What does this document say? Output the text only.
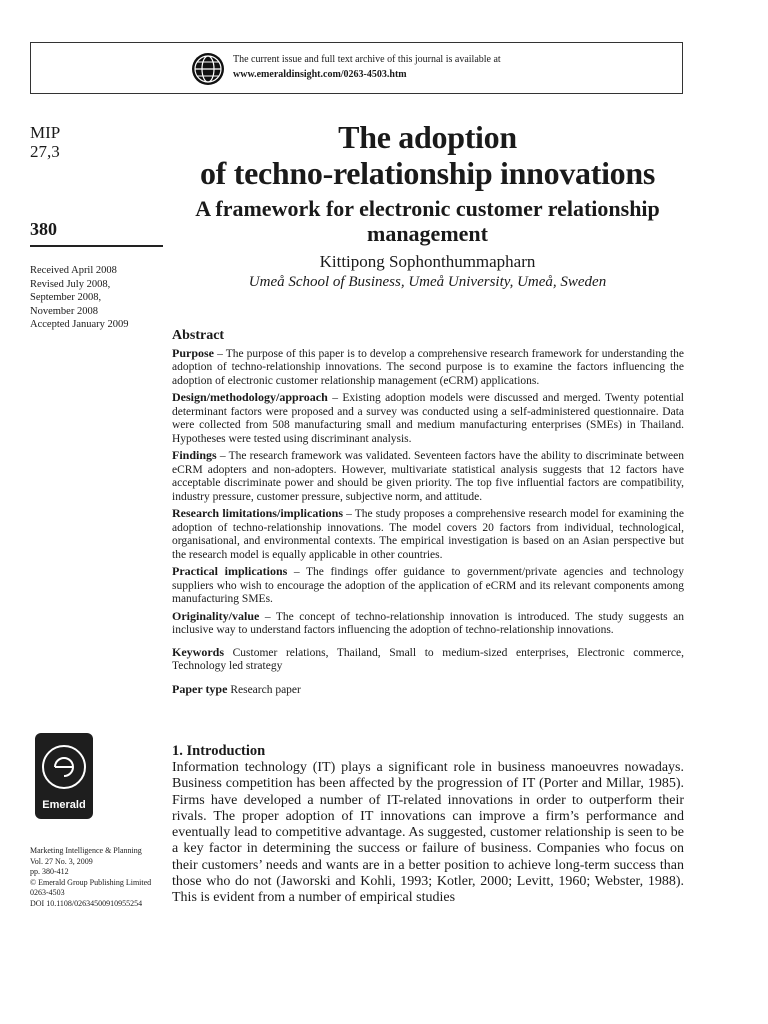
The current issue and full text archive of this journal is available at
www.emeraldinsight.com/0263-4503.htm
MIP
27,3
380
Received April 2008
Revised July 2008,
September 2008,
November 2008
Accepted January 2009
The adoption
of techno-relationship innovations
A framework for electronic customer relationship management
Kittipong Sophonthummapharn
Umeå School of Business, Umeå University, Umeå, Sweden
Abstract

Purpose – The purpose of this paper is to develop a comprehensive research framework for understanding the adoption of techno-relationship innovations. The second purpose is to examine the factors influencing the adoption of electronic customer relationship management (eCRM) applications.

Design/methodology/approach – Existing adoption models were discussed and merged. Twenty potential determinant factors were proposed and a survey was conducted using a self-administered questionnaire. Data were collected from 508 manufacturing small and medium manufacturing enterprises (SMEs) in Thailand. Hypotheses were tested using discriminant analysis.

Findings – The research framework was validated. Seventeen factors have the ability to discriminate between eCRM adopters and non-adopters. However, multivariate statistical analysis suggests that 12 factors have acceptable discriminate power and should be given priority. The top five influential factors are compatibility, industry pressure, customer pressure, subjective norm, and attitude.

Research limitations/implications – The study proposes a comprehensive research model for examining the adoption of techno-relationship innovations. The model covers 20 factors from individual, technological, organisational, and environmental contexts. The empirical investigation is based on an Asian perspective but the research model is equally applicable in other countries.

Practical implications – The findings offer guidance to government/private agencies and technology suppliers who wish to encourage the adoption of the application of eCRM and its relevant components among manufacturing SMEs.

Originality/value – The concept of techno-relationship innovation is introduced. The study suggests an inclusive way to understand factors influencing the adoption of techno-relationship innovations.

Keywords Customer relations, Thailand, Small to medium-sized enterprises, Electronic commerce, Technology led strategy

Paper type Research paper

Emerald
Marketing Intelligence & Planning
Vol. 27 No. 3, 2009
pp. 380-412
© Emerald Group Publishing Limited
0263-4503
DOI 10.1108/02634500910955254
1. Introduction
Information technology (IT) plays a significant role in business manoeuvres nowadays. Business competition has been affected by the progression of IT (Porter and Millar, 1985). Firms have developed a number of IT-related innovations in order to outperform their rivals. The proper adoption of IT innovations can improve a firm’s performance and eventually lead to competitive advantage. As suggested, customer relationship is seen to be a key factor in determining the success or failure of business. Companies who focus on their customers’ needs and wants are in a better position to achieve long-term success than those who do not (Jaworski and Kohli, 1993; Kotler, 2000; Levitt, 1960; Webster, 1988). This is evident from a number of empirical studies
